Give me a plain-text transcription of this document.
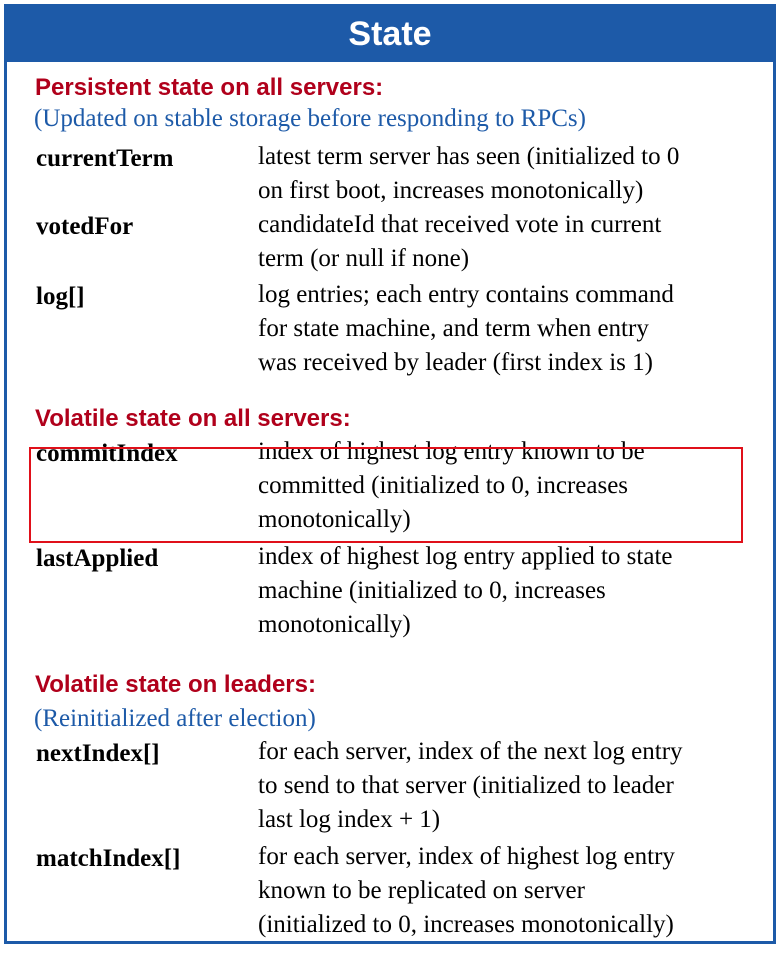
State
Persistent state on all servers:
(Updated on stable storage before responding to RPCs)
currentTerm	latest term server has seen (initialized to 0
on first boot, increases monotonically)
votedFor	candidateId that received vote in current
term (or null if none)
log[]	log entries; each entry contains command
for state machine, and term when entry
was received by leader (first index is 1)
Volatile state on all servers:
commitIndex	index of highest log entry known to be
committed (initialized to 0, increases
monotonically)
lastApplied	index of highest log entry applied to state
machine (initialized to 0, increases
monotonically)
Volatile state on leaders:
(Reinitialized after election)
nextIndex[]	for each server, index of the next log entry
to send to that server (initialized to leader
last log index + 1)
matchIndex[]	for each server, index of highest log entry
known to be replicated on server
(initialized to 0, increases monotonically)
